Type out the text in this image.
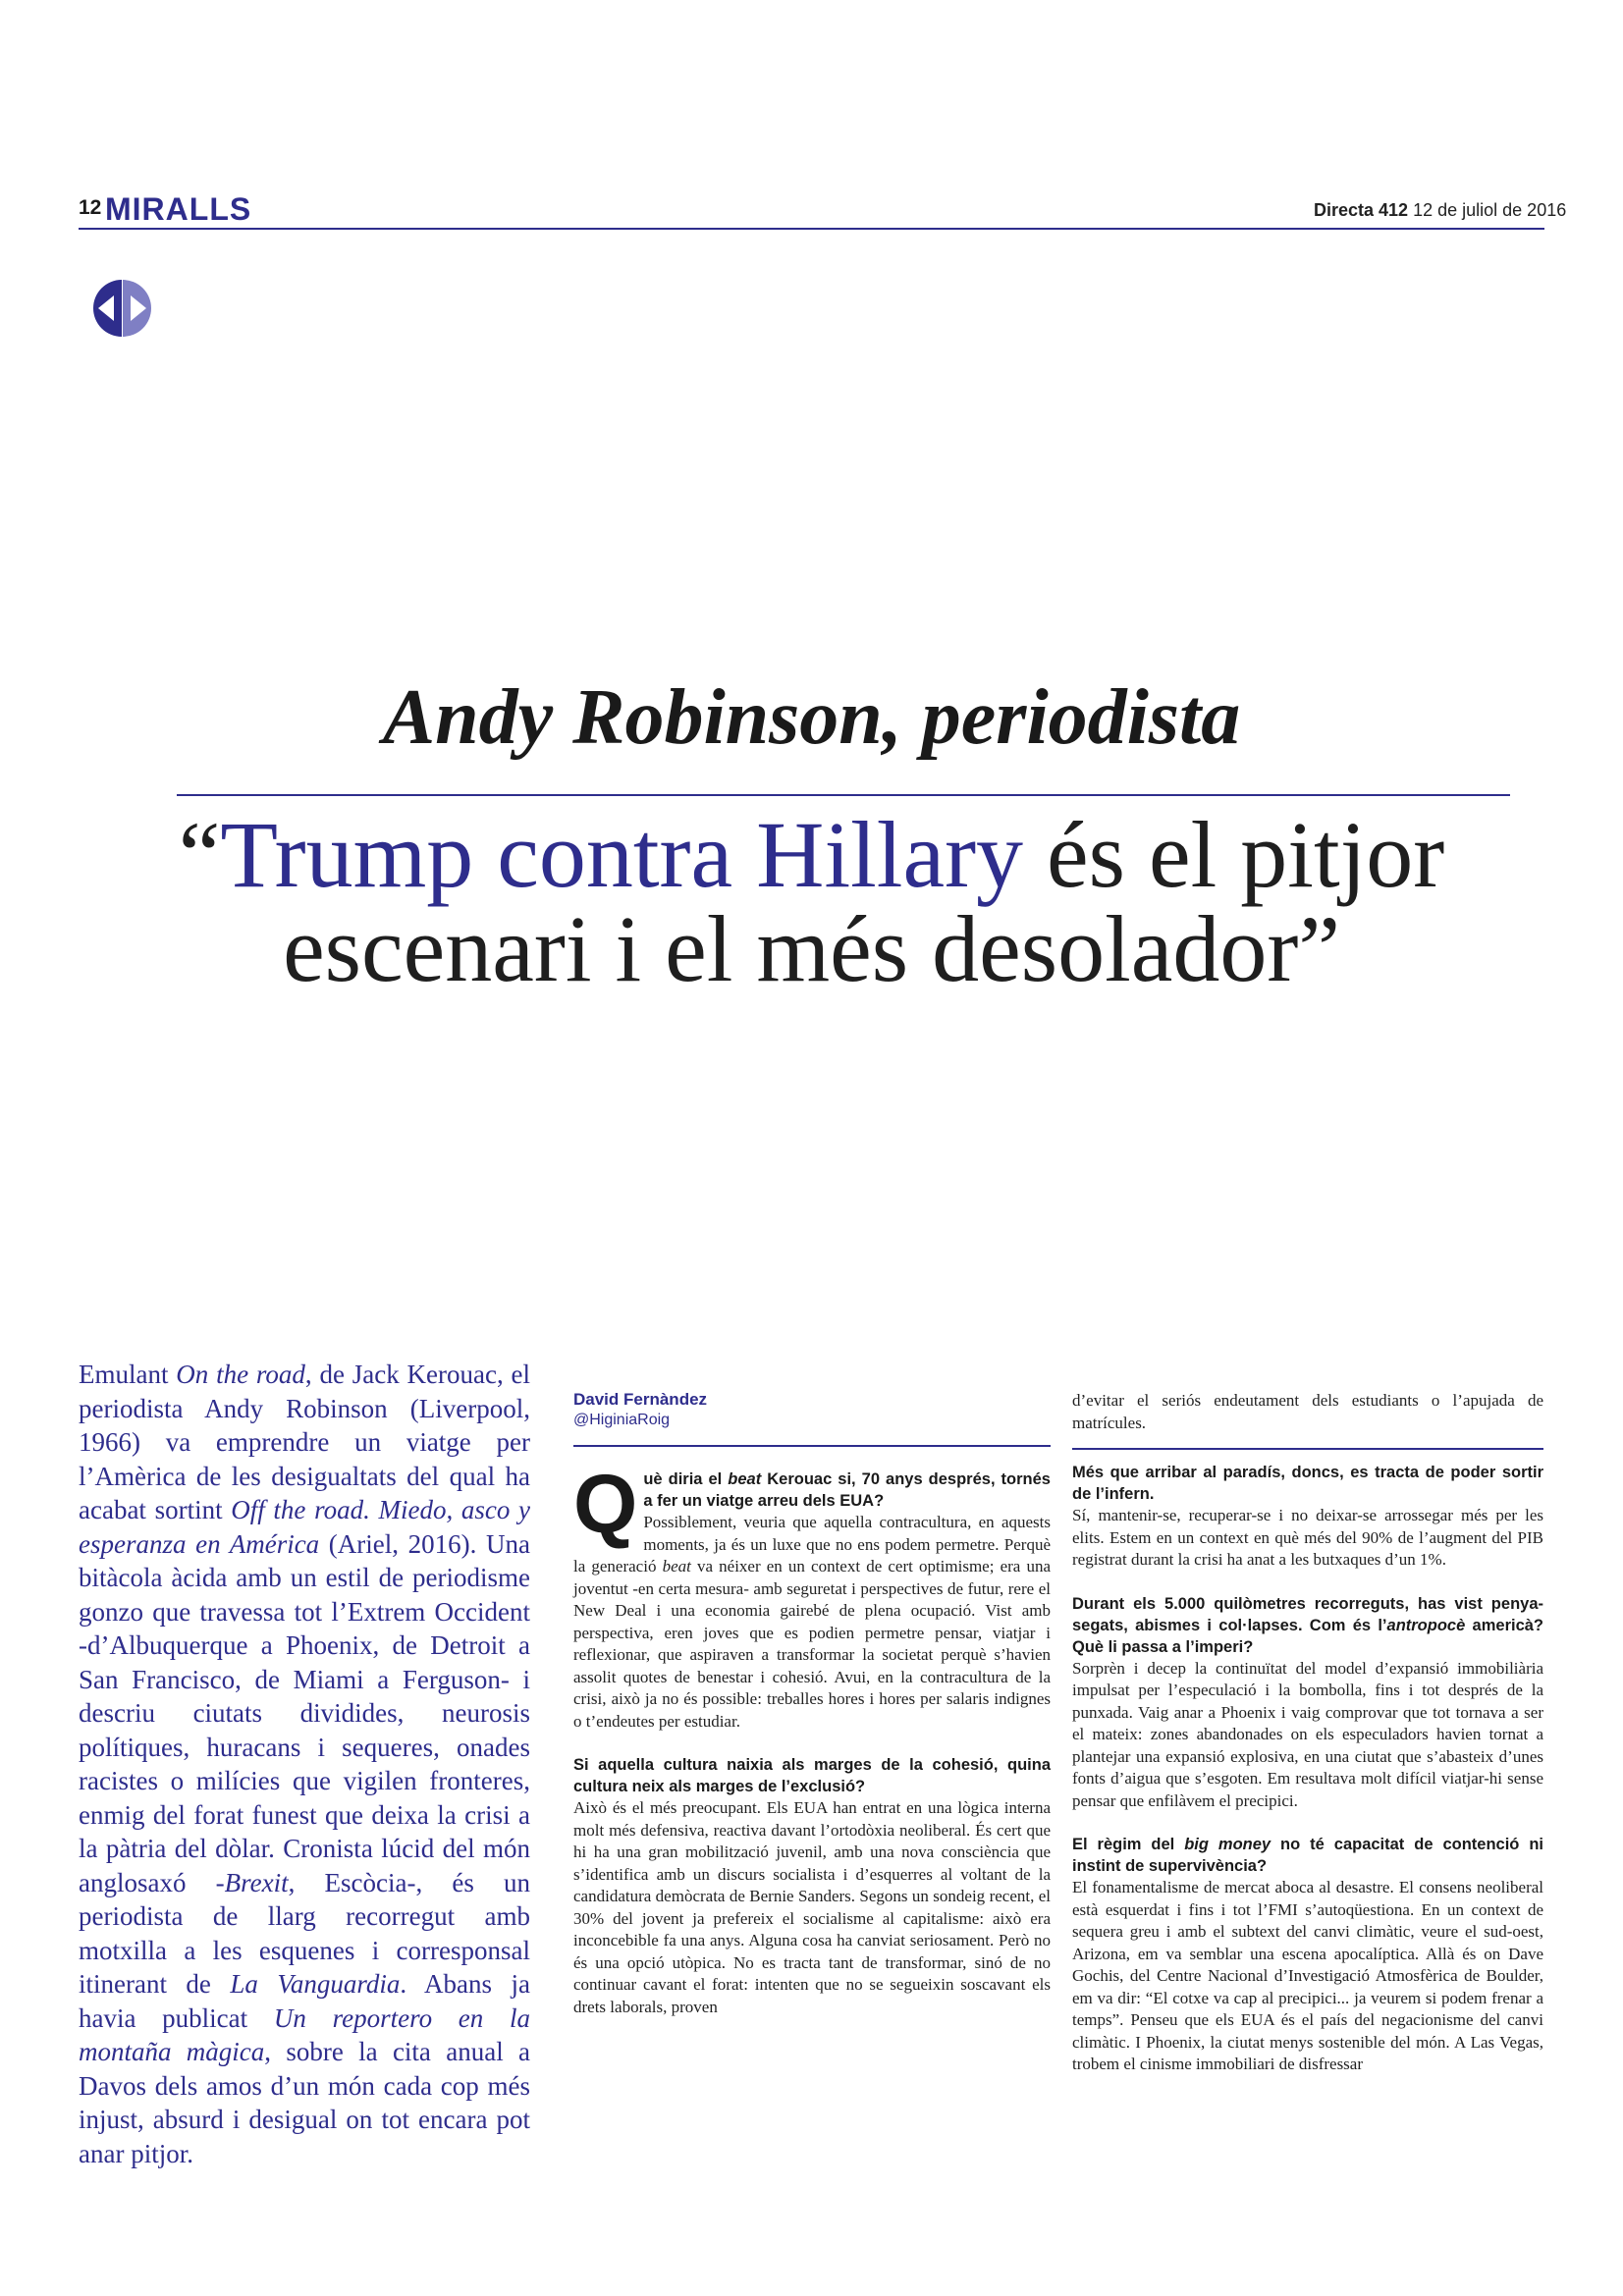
12 MIRALLS	Directa 412 12 de juliol de 2016
Andy Robinson, periodista
“Trump contra Hillary és el pitjor
escenari i el més desolador”
Emulant On the road, de Jack Kerouac, el periodista Andy Robinson (Liverpool, 1966) va emprendre un viatge per l’Amèrica de les desigualtats del qual ha acabat sortint Off the road. Miedo, asco y esperanza en América (Ariel, 2016). Una bitàcola àcida amb un estil de periodisme gonzo que travessa tot l’Extrem Occident -d’Albuquerque a Phoenix, de Detroit a San Francisco, de Miami a Ferguson- i descriu ciutats dividides, neurosis polítiques, huracans i sequeres, onades racistes o milícies que vigilen fronteres, enmig del forat funest que deixa la crisi a la pàtria del dòlar. Cronista lúcid del món anglosaxó -Brexit, Escòcia-, és un periodista de llarg recorregut amb motxilla a les esquenes i corresponsal itinerant de La Vanguardia. Abans ja havia publicat Un reportero en la montaña màgica, sobre la cita anual a Davos dels amos d’un món cada cop més injust, absurd i desigual on tot encara pot anar pitjor.
David Fernàndez
@HiginiaRoig
Q uè diria el beat Kerouac si, 70 anys després, tornés a fer un viatge arreu dels EUA?

Possiblement, veuria que aquella contracultura, en aquests moments, ja és un luxe que no ens podem permetre. Perquè la generació beat va néixer en un context de cert optimisme; era una joventut -en certa mesura- amb seguretat i perspectives de futur, rere el New Deal i una economia gairebé de plena ocupació. Vist amb perspectiva, eren joves que es podien permetre pensar, viatjar i reflexionar, que aspiraven a transformar la societat perquè s’havien assolit quotes de benestar i cohesió. Avui, en la contracultura de la crisi, això ja no és possible: treballes hores i hores per salaris indignes o t’endeutes per estudiar.

Si aquella cultura naixia als marges de la cohesió, quina cultura neix als marges de l’exclusió?

Això és el més preocupant. Els EUA han entrat en una lògica interna molt més defensiva, reactiva davant l’ortodòxia neoliberal. És cert que hi ha una gran mobilització juvenil, amb una nova consciència que s’identifica amb un discurs socialista i d’esquerres al voltant de la candidatura demòcrata de Bernie Sanders. Segons un sondeig recent, el 30% del jovent ja prefereix el socialisme al capitalisme: això era inconcebible fa una anys. Alguna cosa ha canviat seriosament. Però no és una opció utòpica. No es tracta tant de transformar, sinó de no continuar cavant el forat: intenten que no se segueixin soscavant els drets laborals, proven

d’evitar el seriós endeutament dels estudiants o l’apujada de matrícules.

Més que arribar al paradís, doncs, es tracta de poder sortir de l’infern.

Sí, mantenir-se, recuperar-se i no deixar-se arrossegar més per les elits. Estem en un context en què més del 90% de l’augment del PIB registrat durant la crisi ha anat a les butxaques d’un 1%.

Durant els 5.000 quilòmetres recorreguts, has vist penya-segats, abismes i col·lapses. Com és l’antropocè americà? Què li passa a l’imperi?

Sorprèn i decep la continuïtat del model d’expansió immobiliària impulsat per l’especulació i la bombolla, fins i tot després de la punxada. Vaig anar a Phoenix i vaig comprovar que tot tornava a ser el mateix: zones abandonades on els especuladors havien tornat a plantejar una expansió explosiva, en una ciutat que s’abasteix d’unes fonts d’aigua que s’esgoten. Em resultava molt difícil viatjar-hi sense pensar que enfilàvem el precipici.

El règim del big money no té capacitat de contenció ni instint de supervivència?

El fonamentalisme de mercat aboca al desastre. El consens neoliberal està esquerdat i fins i tot l’FMI s’autoqüestiona. En un context de sequera greu i amb el subtext del canvi climàtic, veure el sud-oest, Arizona, em va semblar una escena apocalíptica. Allà és on Dave Gochis, del Centre Nacional d’Investigació Atmosfèrica de Boulder, em va dir: “El cotxe va cap al precipici... ja veurem si podem frenar a temps”. Penseu que els EUA és el país del negacionisme del canvi climàtic. I Phoenix, la ciutat menys sostenible del món. A Las Vegas, trobem el cinisme immobiliari de disfressar
